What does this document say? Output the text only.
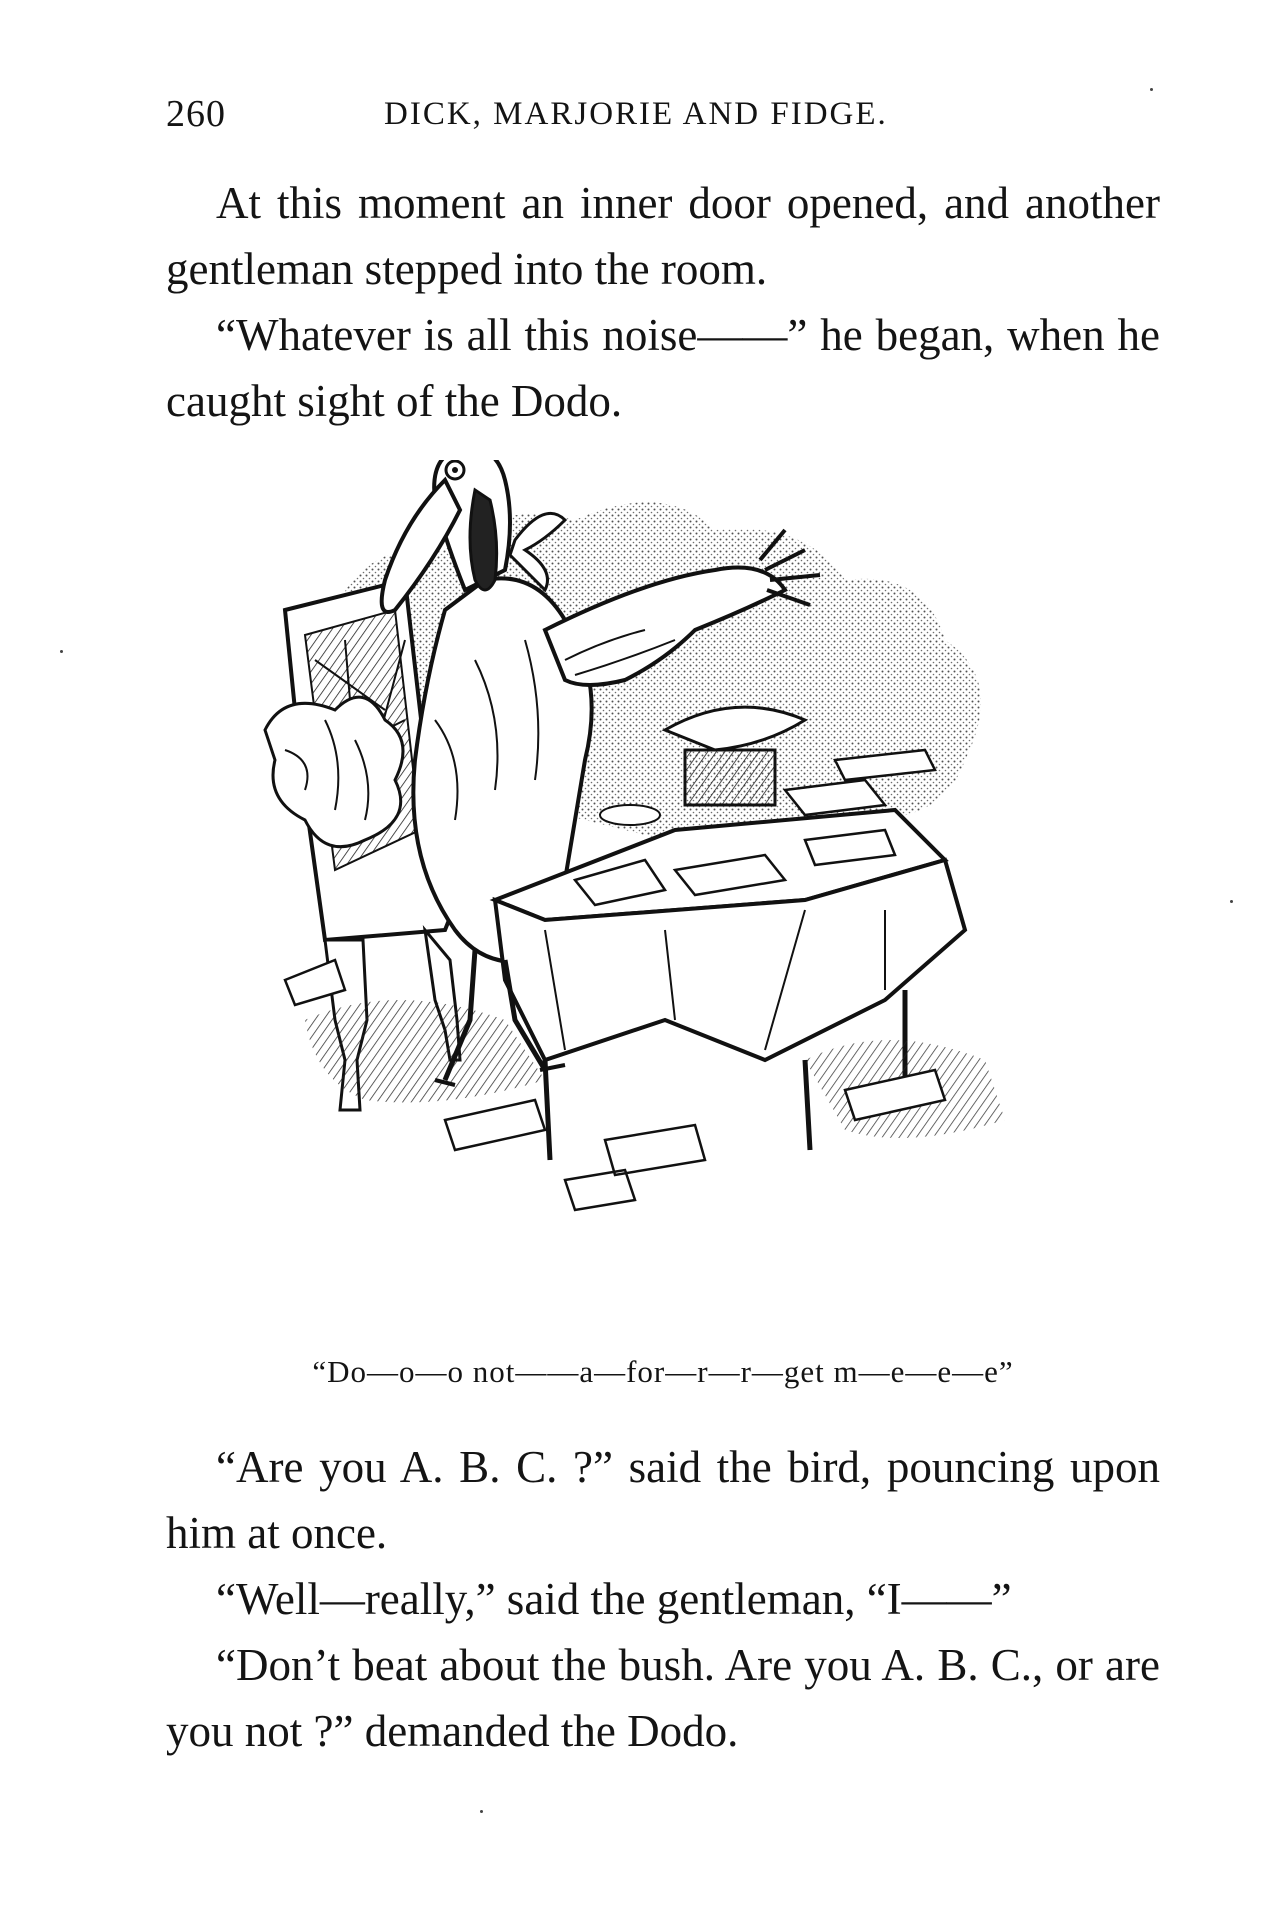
260	DICK, MARJORIE AND FIDGE.

At this moment an inner door opened, and another gentleman stepped into the room.

“Whatever is all this noise——” he began, when he caught sight of the Dodo.

“Do—o—o not——a—for—r—r—get m—e—e—e”

“Are you A. B. C. ?” said the bird, pouncing upon him at once.

“Well—really,” said the gentleman, “I——”

“Don’t beat about the bush. Are you A. B. C., or are you not ?” demanded the Dodo.
